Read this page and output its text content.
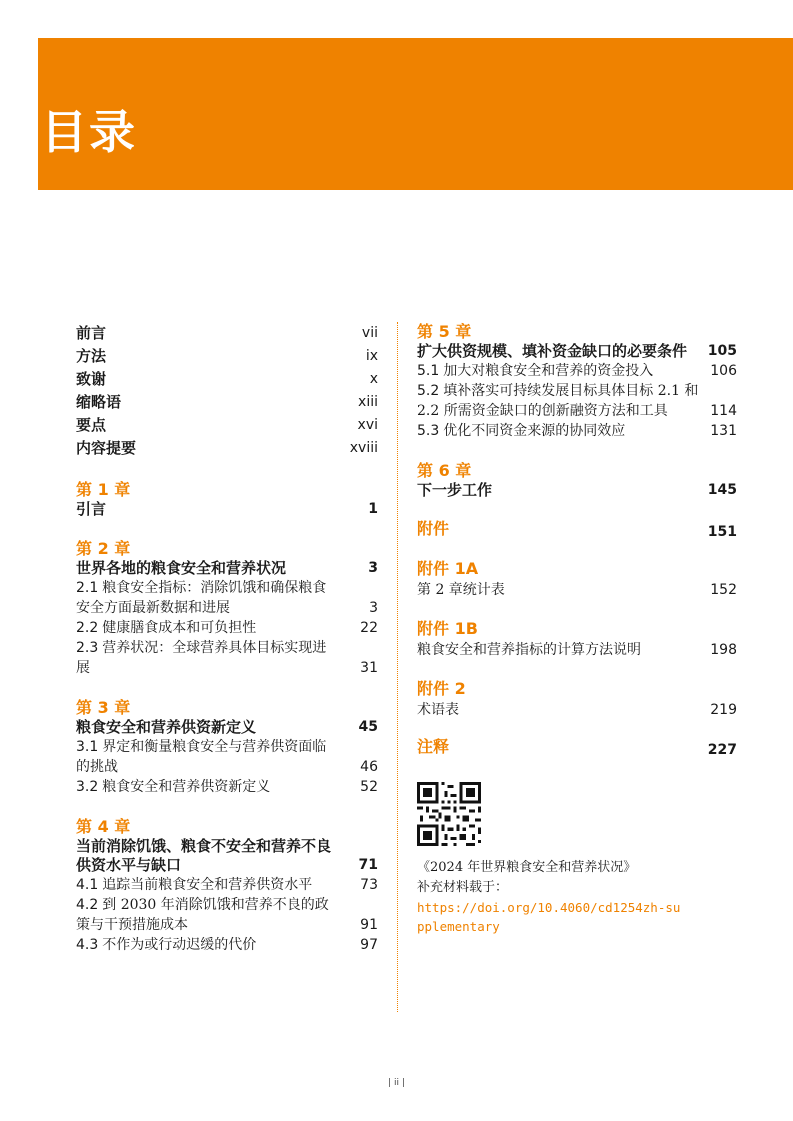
目录
前言	vii
方法	ix
致谢	x
缩略语	xiii
要点	xvi
内容提要	xviii
第 1 章
引言	1
第 2 章
世界各地的粮食安全和营养状况	3
2.1 粮食安全指标：消除饥饿和确保粮食安全方面最新数据和进展	3
2.2 健康膳食成本和可负担性	22
2.3 营养状况：全球营养具体目标实现进展	31
第 3 章
粮食安全和营养供资新定义	45
3.1 界定和衡量粮食安全与营养供资面临的挑战	46
3.2 粮食安全和营养供资新定义	52
第 4 章
当前消除饥饿、粮食不安全和营养不良供资水平与缺口	71
4.1 追踪当前粮食安全和营养供资水平	73
4.2 到 2030 年消除饥饿和营养不良的政策与干预措施成本	91
4.3 不作为或行动迟缓的代价	97
第 5 章
扩大供资规模、填补资金缺口的必要条件	105
5.1 加大对粮食安全和营养的资金投入	106
5.2 填补落实可持续发展目标具体目标 2.1 和 2.2 所需资金缺口的创新融资方法和工具	114
5.3 优化不同资金来源的协同效应	131
第 6 章
下一步工作	145
附件	151
附件 1A
第 2 章统计表	152
附件 1B
粮食安全和营养指标的计算方法说明	198
附件 2
术语表	219
注释	227
《2024 年世界粮食安全和营养状况》
补充材料载于：
https://doi.org/10.4060/cd1254zh-supplementary
| ii |
